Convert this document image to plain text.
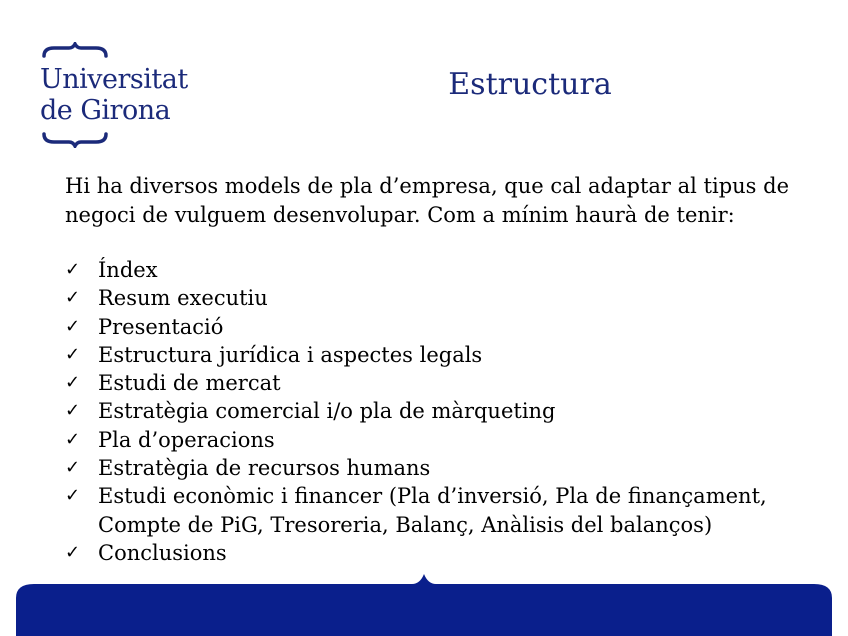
Universitat
de Girona
Estructura

Hi ha diversos models de pla d’empresa, que cal adaptar al tipus de negoci de vulguem desenvolupar. Com a mínim haurà de tenir:

✓ Índex
✓ Resum executiu
✓ Presentació
✓ Estructura jurídica i aspectes legals
✓ Estudi de mercat
✓ Estratègia comercial i/o pla de màrqueting
✓ Pla d’operacions
✓ Estratègia de recursos humans
✓ Estudi econòmic i financer (Pla d’inversió, Pla de finançament, Compte de PiG, Tresoreria, Balanç, Anàlisis del balanços)
✓ Conclusions
